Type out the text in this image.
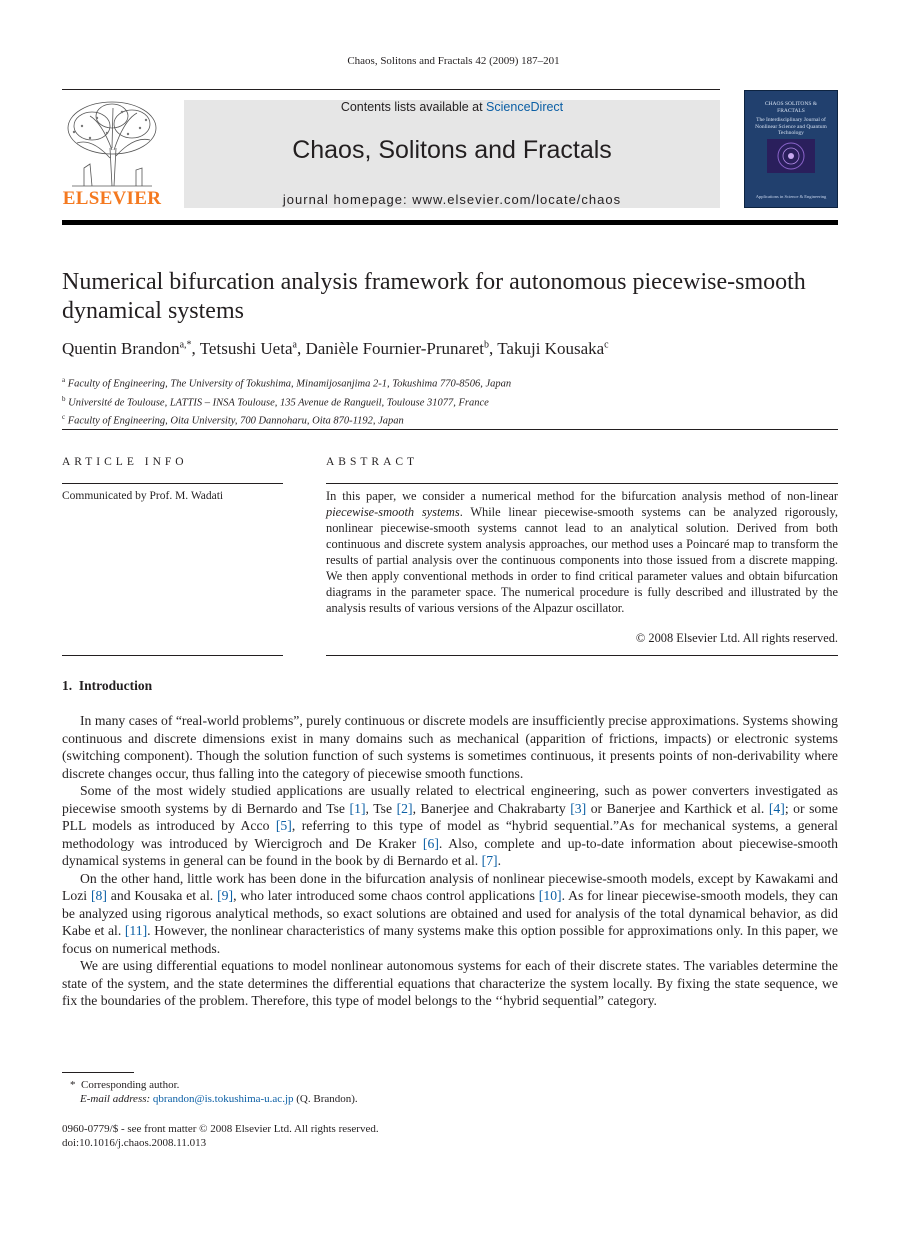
Chaos, Solitons and Fractals 42 (2009) 187–201
ELSEVIER
Contents lists available at ScienceDirect
Chaos, Solitons and Fractals
journal homepage: www.elsevier.com/locate/chaos
CHAOS SOLITONS & FRACTALS
The Interdisciplinary Journal of Nonlinear Science and Quantum Technology
Applications in Science & Engineering
Numerical bifurcation analysis framework for autonomous piecewise-smooth dynamical systems
Quentin Brandon$^{a,*}$, Tetsushi Ueta$^a$, Danièle Fournier-Prunaret$^b$, Takuji Kousaka$^c$
$^a$ Faculty of Engineering, The University of Tokushima, Minamijosanjima 2-1, Tokushima 770-8506, Japan
$^b$ Université de Toulouse, LATTIS – INSA Toulouse, 135 Avenue de Rangueil, Toulouse 31077, France
$^c$ Faculty of Engineering, Oita University, 700 Dannoharu, Oita 870-1192, Japan
ARTICLE INFO
Communicated by Prof. M. Wadati
ABSTRACT
In this paper, we consider a numerical method for the bifurcation analysis method of non-linear piecewise-smooth systems. While linear piecewise-smooth systems can be analyzed rigorously, nonlinear piecewise-smooth systems cannot lead to an analytical solution. Derived from both continuous and discrete system analysis approaches, our method uses a Poincaré map to transform the results of partial analysis over the continuous components into those issued from a discrete mapping. We then apply conventional methods in order to find critical parameter values and obtain bifurcation diagrams in the parameter space. The numerical procedure is fully described and illustrated by the analysis results of various versions of the Alpazur oscillator.
© 2008 Elsevier Ltd. All rights reserved.
1.  Introduction

In many cases of “real-world problems”, purely continuous or discrete models are insufficiently precise approximations. Systems showing continuous and discrete dimensions exist in many domains such as mechanical (apparition of frictions, impacts) or electronic systems (switching component). Though the solution function of such systems is sometimes continuous, it presents points of non-derivability where discrete changes occur, thus falling into the category of piecewise smooth functions.

Some of the most widely studied applications are usually related to electrical engineering, such as power converters investigated as piecewise smooth systems by di Bernardo and Tse [1], Tse [2], Banerjee and Chakrabarty [3] or Banerjee and Karthick et al. [4]; or some PLL models as introduced by Acco [5], referring to this type of model as “hybrid sequential.”As for mechanical systems, a general methodology was introduced by Wiercigroch and De Kraker [6]. Also, complete and up-to-date information about piecewise-smooth dynamical systems in general can be found in the book by di Bernardo et al. [7].

On the other hand, little work has been done in the bifurcation analysis of nonlinear piecewise-smooth models, except by Kawakami and Lozi [8] and Kousaka et al. [9], who later introduced some chaos control applications [10]. As for linear piecewise-smooth models, they can be analyzed using rigorous analytical methods, so exact solutions are obtained and used for analysis of the total dynamical behavior, as did Kabe et al. [11]. However, the nonlinear characteristics of many systems make this option possible for approximations only. In this paper, we focus on numerical methods.

We are using differential equations to model nonlinear autonomous systems for each of their discrete states. The variables determine the state of the system, and the state determines the differential equations that characterize the system locally. By fixing the state sequence, we fix the boundaries of the problem. Therefore, this type of model belongs to the ‘‘hybrid sequential” category.

* Corresponding author.
E-mail address: qbrandon@is.tokushima-u.ac.jp (Q. Brandon).
0960-0779/$ - see front matter © 2008 Elsevier Ltd. All rights reserved.
doi:10.1016/j.chaos.2008.11.013
